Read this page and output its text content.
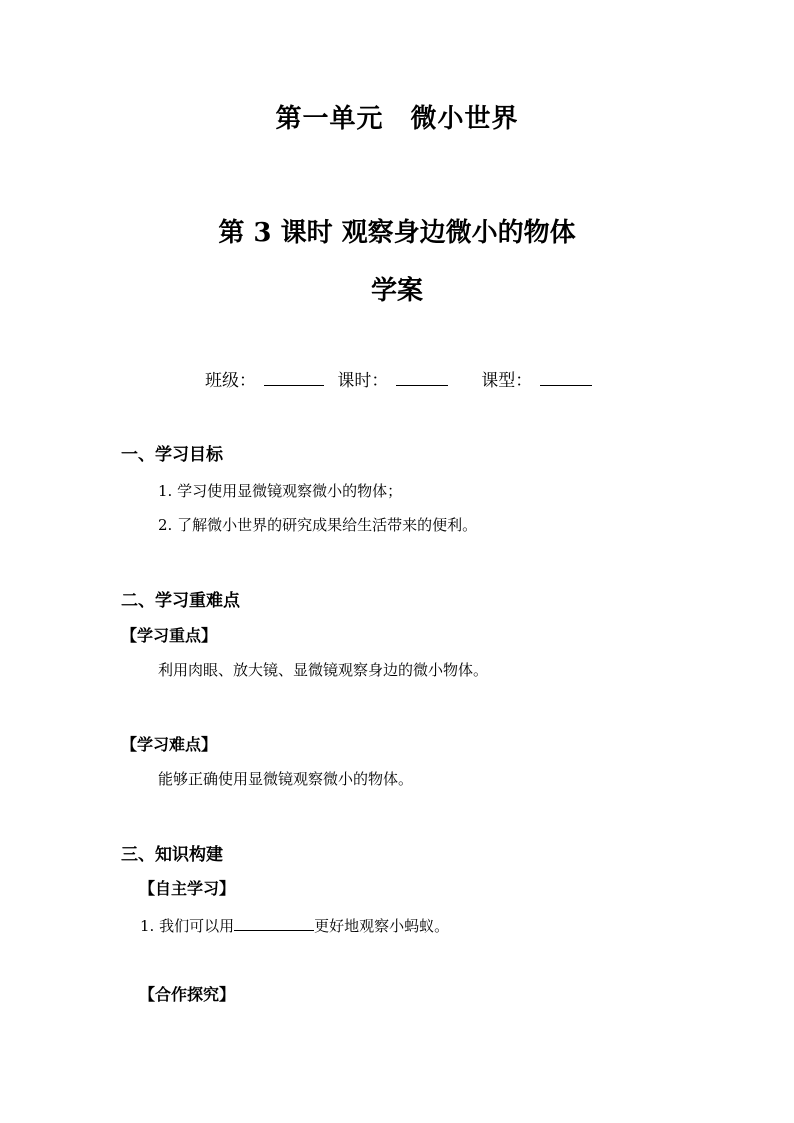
第一单元　微小世界
第 3 课时 观察身边微小的物体
学案
班级：	课时：	课型：
一、学习目标
1. 学习使用显微镜观察微小的物体；
2. 了解微小世界的研究成果给生活带来的便利。
二、学习重难点
【学习重点】
利用肉眼、放大镜、显微镜观察身边的微小物体。
【学习难点】
能够正确使用显微镜观察微小的物体。
三、知识构建
【自主学习】
1. 我们可以用	更好地观察小蚂蚁。
【合作探究】
